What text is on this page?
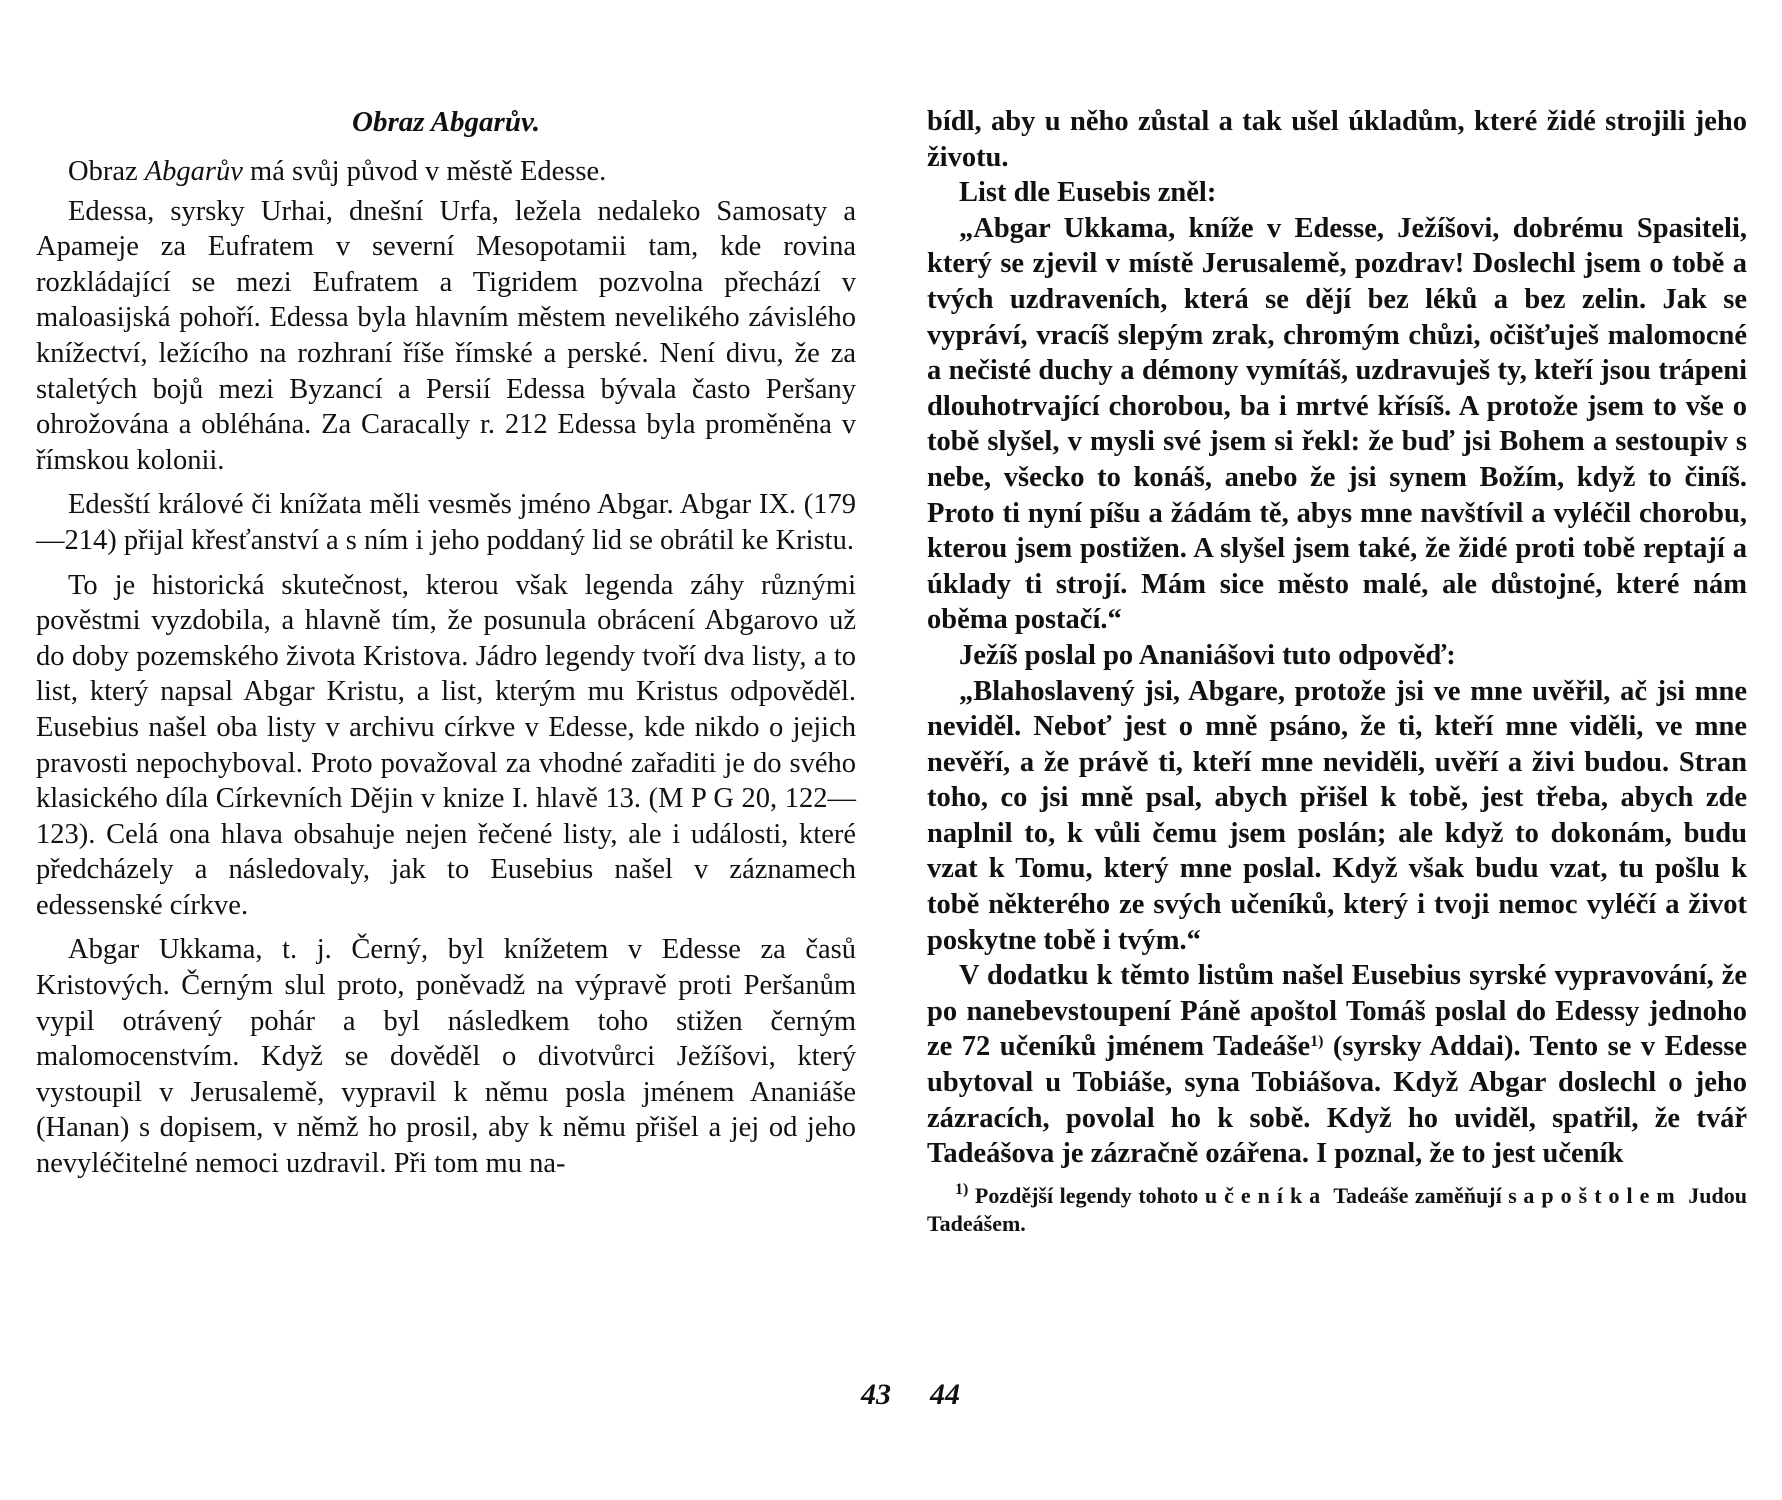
Obraz Abgarův.

Obraz Abgarův má svůj původ v městě Edesse.

Edessa, syrsky Urhai, dnešní Urfa, ležela nedaleko Samosaty a Apameje za Eufratem v severní Mesopotamii tam, kde rovina rozkládající se mezi Eufratem a Tigridem pozvolna přechází v maloasijská pohoří. Edessa byla hlavním městem nevelikého závislého knížectví, ležícího na rozhraní říše římské a perské. Není divu, že za staletých bojů mezi Byzancí a Persií Edessa bývala často Peršany ohrožována a obléhána. Za Caracally r. 212 Edessa byla proměněna v římskou kolonii.

Edesští králové či knížata měli vesměs jméno Abgar. Abgar IX. (179—214) přijal křesťanství a s ním i jeho poddaný lid se obrátil ke Kristu.

To je historická skutečnost, kterou však legenda záhy různými pověstmi vyzdobila, a hlavně tím, že posunula obrácení Abgarovo už do doby pozemského života Kristova. Jádro legendy tvoří dva listy, a to list, který napsal Abgar Kristu, a list, kterým mu Kristus odpověděl. Eusebius našel oba listy v archivu církve v Edesse, kde nikdo o jejich pravosti nepochyboval. Proto považoval za vhodné zařaditi je do svého klasického díla Církevních Dějin v knize I. hlavě 13. (M P G 20, 122—123). Celá ona hlava obsahuje nejen řečené listy, ale i události, které předcházely a následovaly, jak to Eusebius našel v záznamech edessenské církve.

Abgar Ukkama, t. j. Černý, byl knížetem v Edesse za časů Kristových. Černým slul proto, poněvadž na výpravě proti Peršanům vypil otrávený pohár a byl následkem toho stižen černým malomocenstvím. Když se dověděl o divotvůrci Ježíšovi, který vystoupil v Jerusalemě, vypravil k němu posla jménem Ananiáše (Hanan) s dopisem, v němž ho prosil, aby k němu přišel a jej od jeho nevyléčitelné nemoci uzdravil. Při tom mu na-

43

bídl, aby u něho zůstal a tak ušel úkladům, které židé strojili jeho životu.

List dle Eusebis zněl:

„Abgar Ukkama, kníže v Edesse, Ježíšovi, dobrému Spasiteli, který se zjevil v místě Jerusalemě, pozdrav! Doslechl jsem o tobě a tvých uzdraveních, která se dějí bez léků a bez zelin. Jak se vypráví, vracíš slepým zrak, chromým chůzi, očišťuješ malomocné a nečisté duchy a démony vymítáš, uzdravuješ ty, kteří jsou trápeni dlouhotrvající chorobou, ba i mrtvé křísíš. A protože jsem to vše o tobě slyšel, v mysli své jsem si řekl: že buď jsi Bohem a sestoupiv s nebe, všecko to konáš, anebo že jsi synem Božím, když to činíš. Proto ti nyní píšu a žádám tě, abys mne navštívil a vyléčil chorobu, kterou jsem postižen. A slyšel jsem také, že židé proti tobě reptají a úklady ti strojí. Mám sice město malé, ale důstojné, které nám oběma postačí.“

Ježíš poslal po Ananiášovi tuto odpověď:

„Blahoslavený jsi, Abgare, protože jsi ve mne uvěřil, ač jsi mne neviděl. Neboť jest o mně psáno, že ti, kteří mne viděli, ve mne nevěří, a že právě ti, kteří mne neviděli, uvěří a živi budou. Stran toho, co jsi mně psal, abych přišel k tobě, jest třeba, abych zde naplnil to, k vůli čemu jsem poslán; ale když to dokonám, budu vzat k Tomu, který mne poslal. Když však budu vzat, tu pošlu k tobě některého ze svých učeníků, který i tvoji nemoc vyléčí a život poskytne tobě i tvým.“

V dodatku k těmto listům našel Eusebius syrské vypravování, že po nanebevstoupení Páně apoštol Tomáš poslal do Edessy jednoho ze 72 učeníků jménem Tadeáše$^{1)}$ (syrsky Addai). Tento se v Edesse ubytoval u Tobiáše, syna Tobiášova. Když Abgar doslechl o jeho zázracích, povolal ho k sobě. Když ho uviděl, spatřil, že tvář Tadeášova je zázračně ozářena. I poznal, že to jest učeník

$^{1)}$ Pozdější legendy tohoto učeníka Tadeáše zaměňují s apoštolem Judou Tadeášem.

44
